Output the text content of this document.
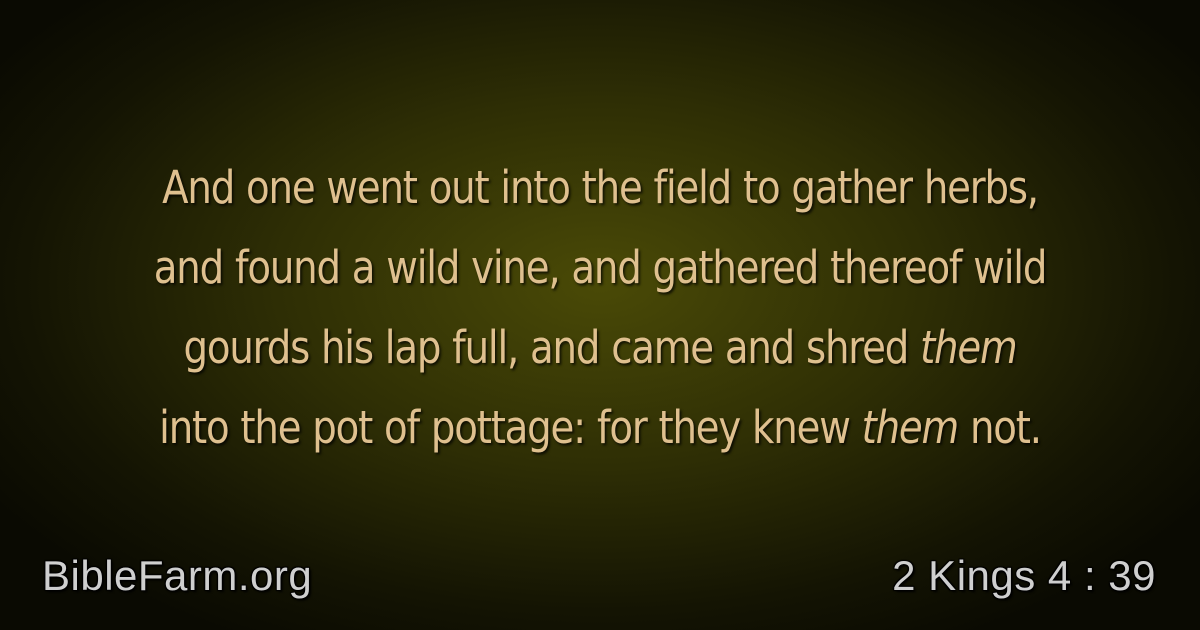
And one went out into the field to gather herbs,
and found a wild vine, and gathered thereof wild
gourds his lap full, and came and shred them
into the pot of pottage: for they knew them not.
BibleFarm.org	2 Kings 4 : 39
